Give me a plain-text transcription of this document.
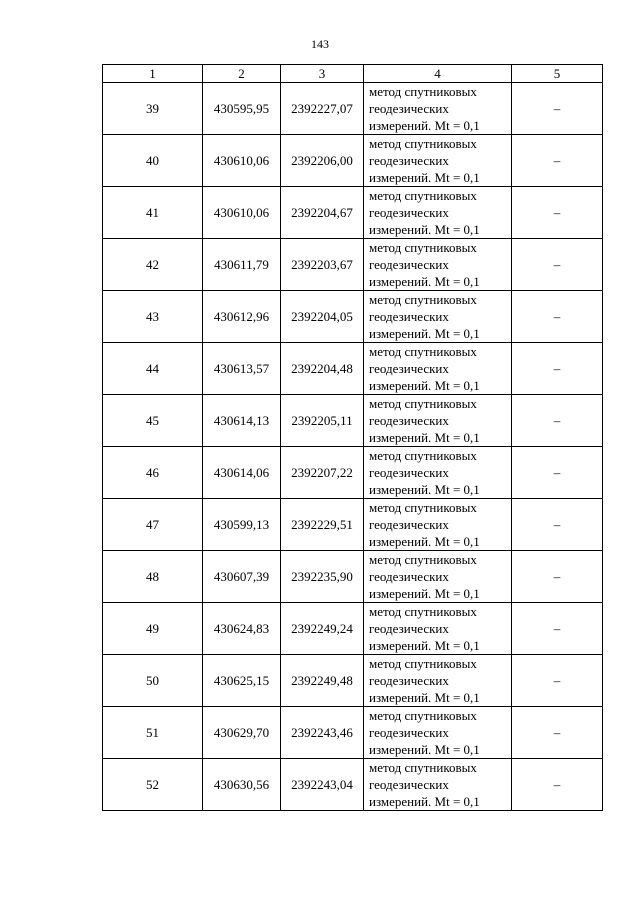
143
1	2	3	4	5
39	430595,95	2392227,07	метод спутниковых геодезических измерений. Mt = 0,1	–
40	430610,06	2392206,00	метод спутниковых геодезических измерений. Mt = 0,1	–
41	430610,06	2392204,67	метод спутниковых геодезических измерений. Mt = 0,1	–
42	430611,79	2392203,67	метод спутниковых геодезических измерений. Mt = 0,1	–
43	430612,96	2392204,05	метод спутниковых геодезических измерений. Mt = 0,1	–
44	430613,57	2392204,48	метод спутниковых геодезических измерений. Mt = 0,1	–
45	430614,13	2392205,11	метод спутниковых геодезических измерений. Mt = 0,1	–
46	430614,06	2392207,22	метод спутниковых геодезических измерений. Mt = 0,1	–
47	430599,13	2392229,51	метод спутниковых геодезических измерений. Mt = 0,1	–
48	430607,39	2392235,90	метод спутниковых геодезических измерений. Mt = 0,1	–
49	430624,83	2392249,24	метод спутниковых геодезических измерений. Mt = 0,1	–
50	430625,15	2392249,48	метод спутниковых геодезических измерений. Mt = 0,1	–
51	430629,70	2392243,46	метод спутниковых геодезических измерений. Mt = 0,1	–
52	430630,56	2392243,04	метод спутниковых геодезических измерений. Mt = 0,1	–
